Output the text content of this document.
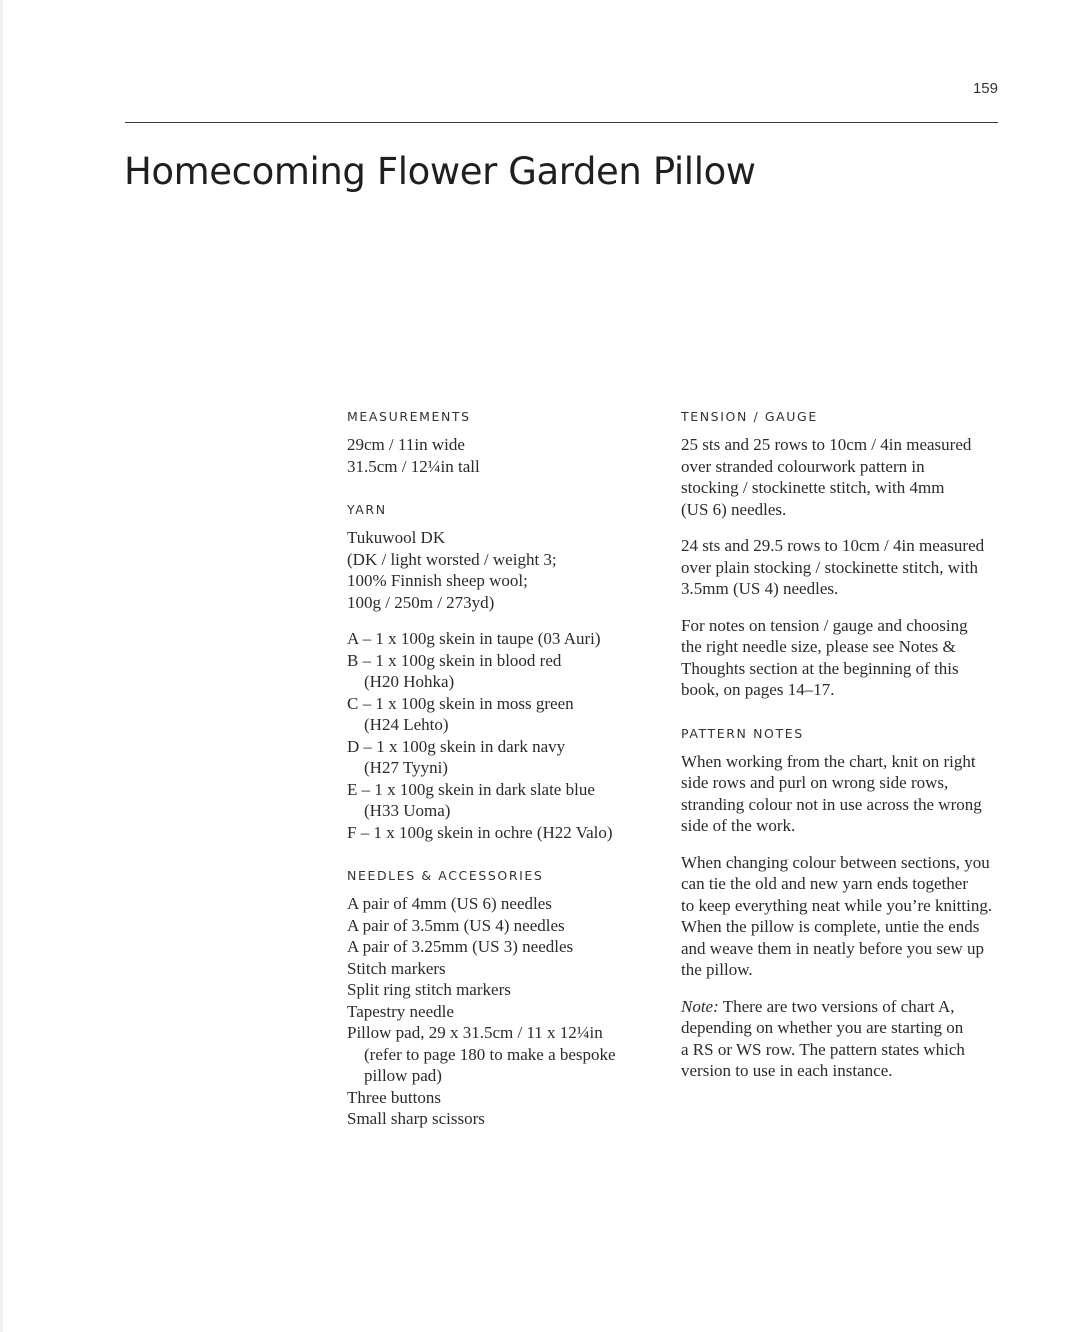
159
Homecoming Flower Garden Pillow
MEASUREMENTS
29cm / 11in wide
31.5cm / 12¼in tall
YARN
Tukuwool DK
(DK / light worsted / weight 3;
100% Finnish sheep wool;
100g / 250m / 273yd)
A – 1 x 100g skein in taupe (03 Auri)
B – 1 x 100g skein in blood red
(H20 Hohka)
C – 1 x 100g skein in moss green
(H24 Lehto)
D – 1 x 100g skein in dark navy
(H27 Tyyni)
E – 1 x 100g skein in dark slate blue
(H33 Uoma)
F – 1 x 100g skein in ochre (H22 Valo)
NEEDLES & ACCESSORIES
A pair of 4mm (US 6) needles
A pair of 3.5mm (US 4) needles
A pair of 3.25mm (US 3) needles
Stitch markers
Split ring stitch markers
Tapestry needle
Pillow pad, 29 x 31.5cm / 11 x 12¼in
(refer to page 180 to make a bespoke
pillow pad)
Three buttons
Small sharp scissors
TENSION / GAUGE
25 sts and 25 rows to 10cm / 4in measured
over stranded colourwork pattern in
stocking / stockinette stitch, with 4mm
(US 6) needles.
24 sts and 29.5 rows to 10cm / 4in measured
over plain stocking / stockinette stitch, with
3.5mm (US 4) needles.
For notes on tension / gauge and choosing
the right needle size, please see Notes &
Thoughts section at the beginning of this
book, on pages 14–17.
PATTERN NOTES
When working from the chart, knit on right
side rows and purl on wrong side rows,
stranding colour not in use across the wrong
side of the work.
When changing colour between sections, you
can tie the old and new yarn ends together
to keep everything neat while you’re knitting.
When the pillow is complete, untie the ends
and weave them in neatly before you sew up
the pillow.
Note: There are two versions of chart A,
depending on whether you are starting on
a RS or WS row. The pattern states which
version to use in each instance.
